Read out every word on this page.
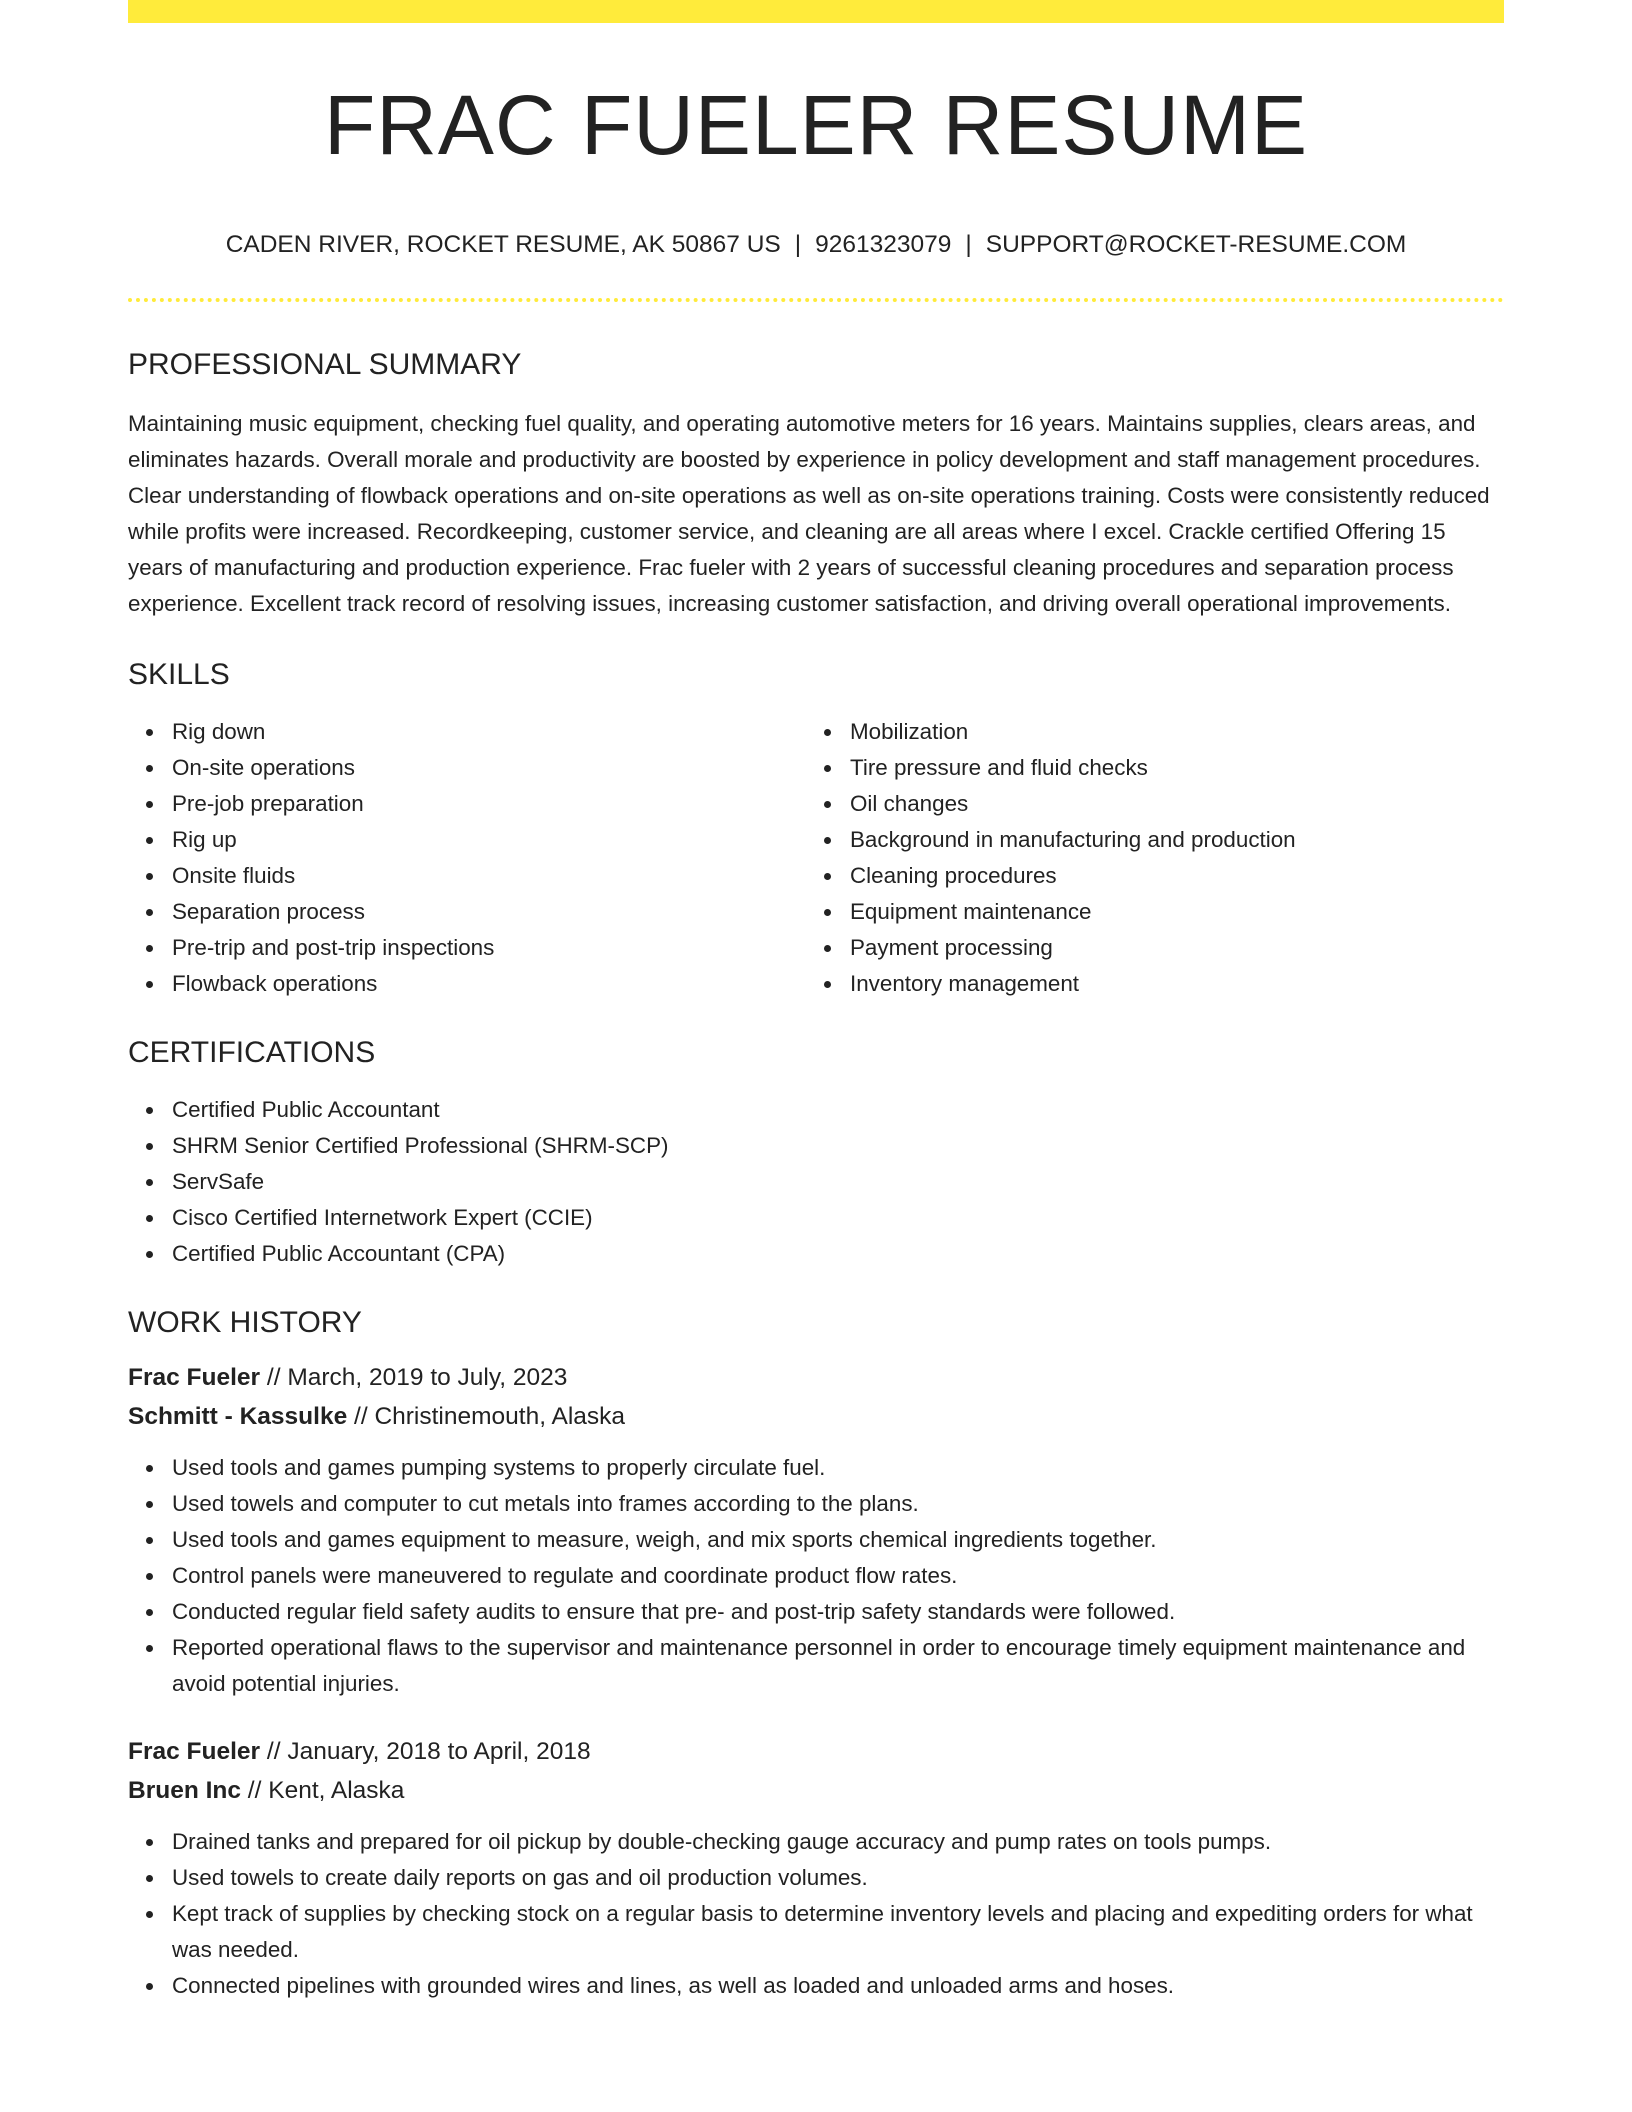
FRAC FUELER RESUME
CADEN RIVER, ROCKET RESUME, AK 50867 US | 9261323079 | SUPPORT@ROCKET-RESUME.COM
PROFESSIONAL SUMMARY

Maintaining music equipment, checking fuel quality, and operating automotive meters for 16 years. Maintains supplies, clears areas, and eliminates hazards. Overall morale and productivity are boosted by experience in policy development and staff management procedures. Clear understanding of flowback operations and on-site operations as well as on-site operations training. Costs were consistently reduced while profits were increased. Recordkeeping, customer service, and cleaning are all areas where I excel. Crackle certified Offering 15 years of manufacturing and production experience. Frac fueler with 2 years of successful cleaning procedures and separation process experience. Excellent track record of resolving issues, increasing customer satisfaction, and driving overall operational improvements.

SKILLS
Rig down
On-site operations
Pre-job preparation
Rig up
Onsite fluids
Separation process
Pre-trip and post-trip inspections
Flowback operations
Mobilization
Tire pressure and fluid checks
Oil changes
Background in manufacturing and production
Cleaning procedures
Equipment maintenance
Payment processing
Inventory management
CERTIFICATIONS
Certified Public Accountant
SHRM Senior Certified Professional (SHRM-SCP)
ServSafe
Cisco Certified Internetwork Expert (CCIE)
Certified Public Accountant (CPA)
WORK HISTORY
Frac Fueler // March, 2019 to July, 2023
Schmitt - Kassulke // Christinemouth, Alaska
Used tools and games pumping systems to properly circulate fuel.
Used towels and computer to cut metals into frames according to the plans.
Used tools and games equipment to measure, weigh, and mix sports chemical ingredients together.
Control panels were maneuvered to regulate and coordinate product flow rates.
Conducted regular field safety audits to ensure that pre- and post-trip safety standards were followed.
Reported operational flaws to the supervisor and maintenance personnel in order to encourage timely equipment maintenance and avoid potential injuries.
Frac Fueler // January, 2018 to April, 2018
Bruen Inc // Kent, Alaska
Drained tanks and prepared for oil pickup by double-checking gauge accuracy and pump rates on tools pumps.
Used towels to create daily reports on gas and oil production volumes.
Kept track of supplies by checking stock on a regular basis to determine inventory levels and placing and expediting orders for what was needed.
Connected pipelines with grounded wires and lines, as well as loaded and unloaded arms and hoses.
